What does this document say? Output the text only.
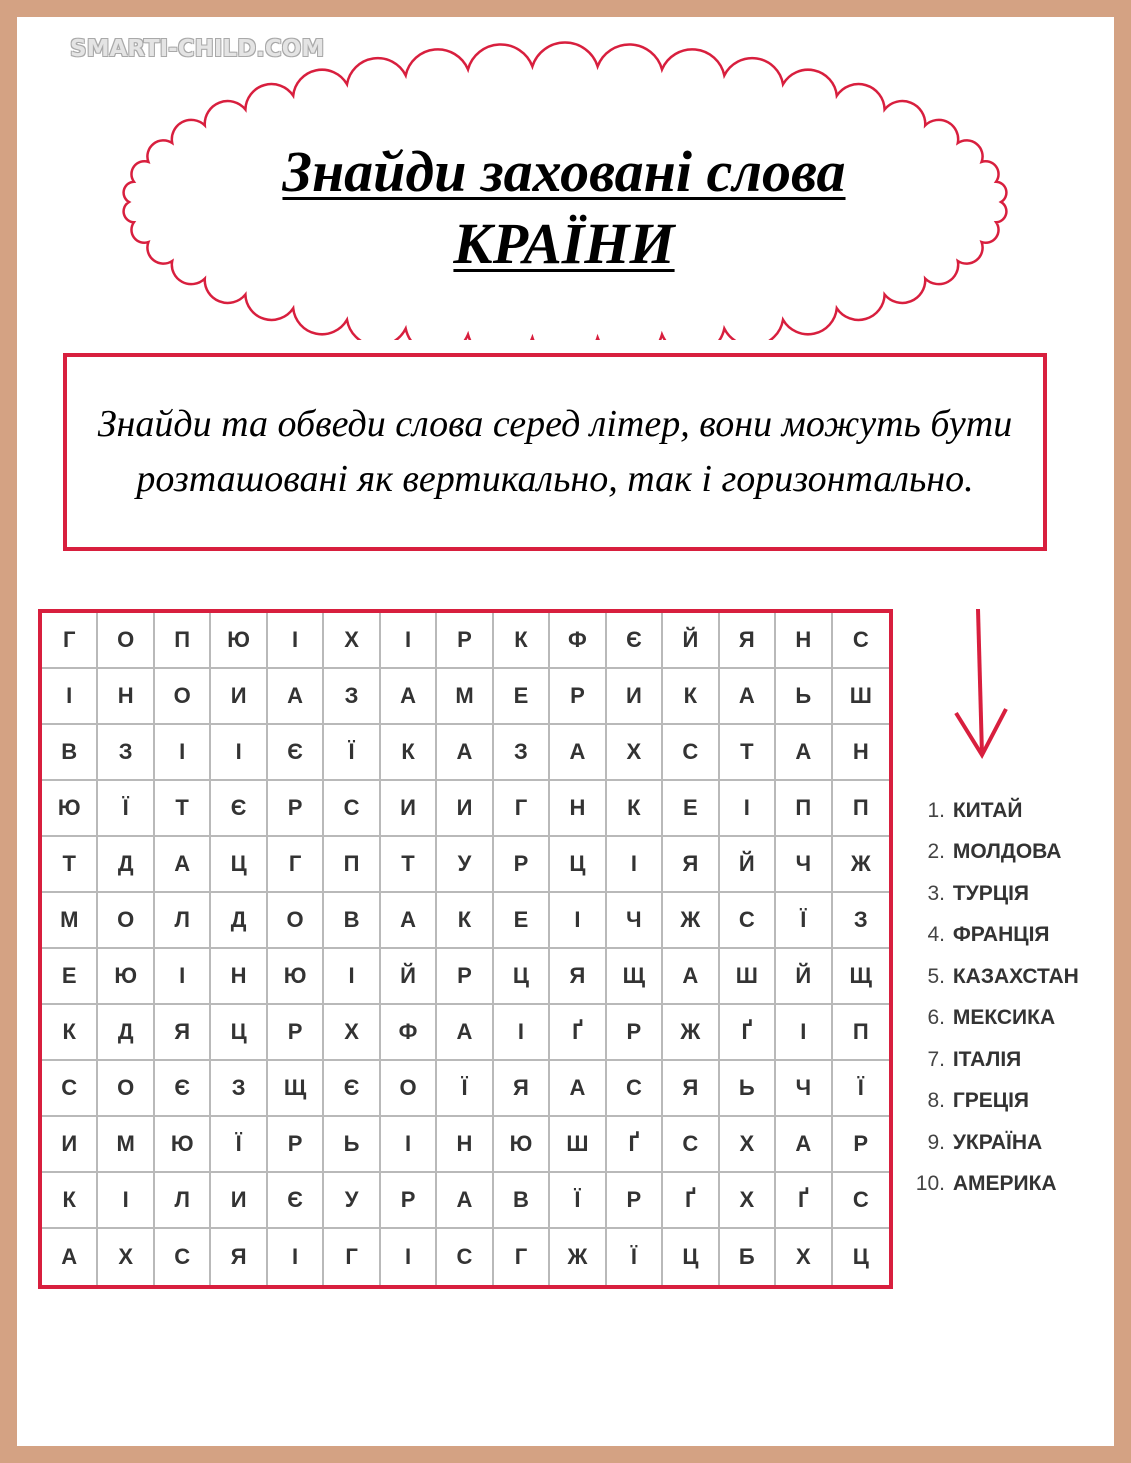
SMARTI-CHILD.COM
Знайди заховані слова
КРАЇНИ
Знайди та обведи слова серед літер, вони можуть бути розташовані як вертикально, так і горизонтально.
Г	О	П	Ю	І	Х	І	Р	К	Ф	Є	Й	Я	Н	С
І	Н	О	И	А	З	А	М	Е	Р	И	К	А	Ь	Ш
В	З	І	І	Є	Ї	К	А	З	А	Х	С	Т	А	Н
Ю	Ї	Т	Є	Р	С	И	И	Г	Н	К	Е	І	П	П
Т	Д	А	Ц	Г	П	Т	У	Р	Ц	І	Я	Й	Ч	Ж
М	О	Л	Д	О	В	А	К	Е	І	Ч	Ж	С	Ї	З
Е	Ю	І	Н	Ю	І	Й	Р	Ц	Я	Щ	А	Ш	Й	Щ
К	Д	Я	Ц	Р	Х	Ф	А	І	Ґ	Р	Ж	Ґ	І	П
С	О	Є	З	Щ	Є	О	Ї	Я	А	С	Я	Ь	Ч	Ї
И	М	Ю	Ї	Р	Ь	І	Н	Ю	Ш	Ґ	С	Х	А	Р
К	І	Л	И	Є	У	Р	А	В	Ї	Р	Ґ	Х	Ґ	С
А	Х	С	Я	І	Г	І	С	Г	Ж	Ї	Ц	Б	Х	Ц
1. КИТАЙ
2. МОЛДОВА
3. ТУРЦІЯ
4. ФРАНЦІЯ
5. КАЗАХСТАН
6. МЕКСИКА
7. ІТАЛІЯ
8. ГРЕЦІЯ
9. УКРАЇНА
10. АМЕРИКА
